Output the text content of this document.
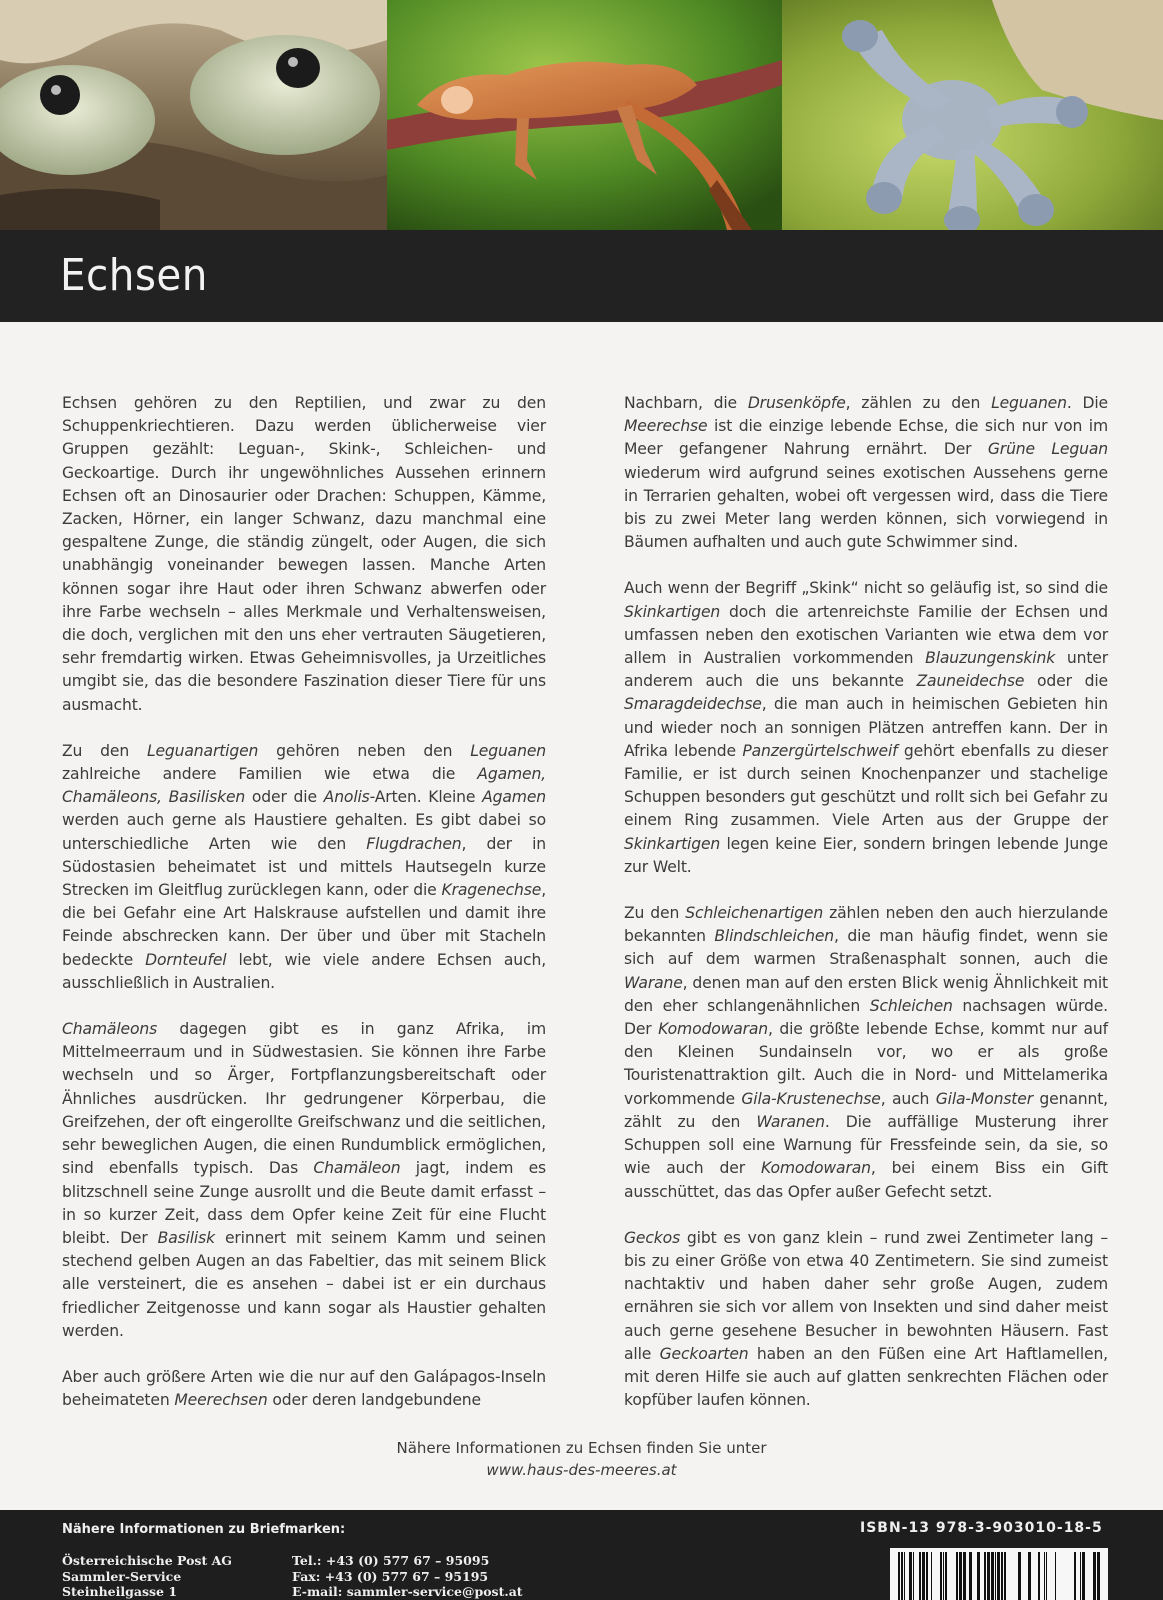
Echsen

Echsen gehören zu den Reptilien, und zwar zu den Schuppenkriechtieren. Dazu werden üblicherweise vier Gruppen gezählt: Leguan-, Skink-, Schleichen- und Geckoartige. Durch ihr ungewöhnliches Aussehen erinnern Echsen oft an Dinosaurier oder Drachen: Schuppen, Kämme, Zacken, Hörner, ein langer Schwanz, dazu manchmal eine gespaltene Zunge, die ständig züngelt, oder Augen, die sich unabhängig voneinander bewegen lassen. Manche Arten können sogar ihre Haut oder ihren Schwanz abwerfen oder ihre Farbe wechseln – alles Merkmale und Verhaltensweisen, die doch, verglichen mit den uns eher vertrauten Säugetieren, sehr fremdartig wirken. Etwas Geheimnisvolles, ja Urzeitliches umgibt sie, das die besondere Faszination dieser Tiere für uns ausmacht.

Zu den Leguanartigen gehören neben den Leguanen zahlreiche andere Familien wie etwa die Agamen, Chamäleons, Basilisken oder die Anolis-Arten. Kleine Agamen werden auch gerne als Haustiere gehalten. Es gibt dabei so unterschiedliche Arten wie den Flugdrachen, der in Südostasien beheimatet ist und mittels Hautsegeln kurze Strecken im Gleitflug zurücklegen kann, oder die Kragenechse, die bei Gefahr eine Art Halskrause aufstellen und damit ihre Feinde abschrecken kann. Der über und über mit Stacheln bedeckte Dornteufel lebt, wie viele andere Echsen auch, ausschließlich in Australien.

Chamäleons dagegen gibt es in ganz Afrika, im Mittelmeerraum und in Südwestasien. Sie können ihre Farbe wechseln und so Ärger, Fortpflanzungsbereitschaft oder Ähnliches ausdrücken. Ihr gedrungener Körperbau, die Greifzehen, der oft eingerollte Greifschwanz und die seitlichen, sehr beweglichen Augen, die einen Rundumblick ermöglichen, sind ebenfalls typisch. Das Chamäleon jagt, indem es blitzschnell seine Zunge ausrollt und die Beute damit erfasst – in so kurzer Zeit, dass dem Opfer keine Zeit für eine Flucht bleibt. Der Basilisk erinnert mit seinem Kamm und seinen stechend gelben Augen an das Fabeltier, das mit seinem Blick alle versteinert, die es ansehen – dabei ist er ein durchaus friedlicher Zeitgenosse und kann sogar als Haustier gehalten werden.

Aber auch größere Arten wie die nur auf den Galápagos-Inseln beheimateten Meerechsen oder deren landgebundene

Nachbarn, die Drusenköpfe, zählen zu den Leguanen. Die Meerechse ist die einzige lebende Echse, die sich nur von im Meer gefangener Nahrung ernährt. Der Grüne Leguan wiederum wird aufgrund seines exotischen Aussehens gerne in Terrarien gehalten, wobei oft vergessen wird, dass die Tiere bis zu zwei Meter lang werden können, sich vorwiegend in Bäumen aufhalten und auch gute Schwimmer sind.

Auch wenn der Begriff „Skink“ nicht so geläufig ist, so sind die Skinkartigen doch die artenreichste Familie der Echsen und umfassen neben den exotischen Varianten wie etwa dem vor allem in Australien vorkommenden Blauzungenskink unter anderem auch die uns bekannte Zauneidechse oder die Smaragdeidechse, die man auch in heimischen Gebieten hin und wieder noch an sonnigen Plätzen antreffen kann. Der in Afrika lebende Panzergürtelschweif gehört ebenfalls zu dieser Familie, er ist durch seinen Knochenpanzer und stachelige Schuppen besonders gut geschützt und rollt sich bei Gefahr zu einem Ring zusammen. Viele Arten aus der Gruppe der Skinkartigen legen keine Eier, sondern bringen lebende Junge zur Welt.

Zu den Schleichenartigen zählen neben den auch hierzulande bekannten Blindschleichen, die man häufig findet, wenn sie sich auf dem warmen Straßenasphalt sonnen, auch die Warane, denen man auf den ersten Blick wenig Ähnlichkeit mit den eher schlangenähnlichen Schleichen nachsagen würde. Der Komodowaran, die größte lebende Echse, kommt nur auf den Kleinen Sundainseln vor, wo er als große Touristenattraktion gilt. Auch die in Nord- und Mittelamerika vorkommende Gila-Krustenechse, auch Gila-Monster genannt, zählt zu den Waranen. Die auffällige Musterung ihrer Schuppen soll eine Warnung für Fressfeinde sein, da sie, so wie auch der Komodowaran, bei einem Biss ein Gift ausschüttet, das das Opfer außer Gefecht setzt.

Geckos gibt es von ganz klein – rund zwei Zentimeter lang – bis zu einer Größe von etwa 40 Zentimetern. Sie sind zumeist nachtaktiv und haben daher sehr große Augen, zudem ernähren sie sich vor allem von Insekten und sind daher meist auch gerne gesehene Besucher in bewohnten Häusern. Fast alle Geckoarten haben an den Füßen eine Art Haftlamellen, mit deren Hilfe sie auch auf glatten senkrechten Flächen oder kopfüber laufen können.

Nähere Informationen zu Echsen finden Sie unter
www.haus-des-meeres.at
Nähere Informationen zu Briefmarken:
Österreichische Post AG
Sammler-Service
Steinheilgasse 1
Tel.: +43 (0) 577 67 – 95095
Fax: +43 (0) 577 67 – 95195
E-mail: sammler-service@post.at
ISBN-13 978-3-903010-18-5
